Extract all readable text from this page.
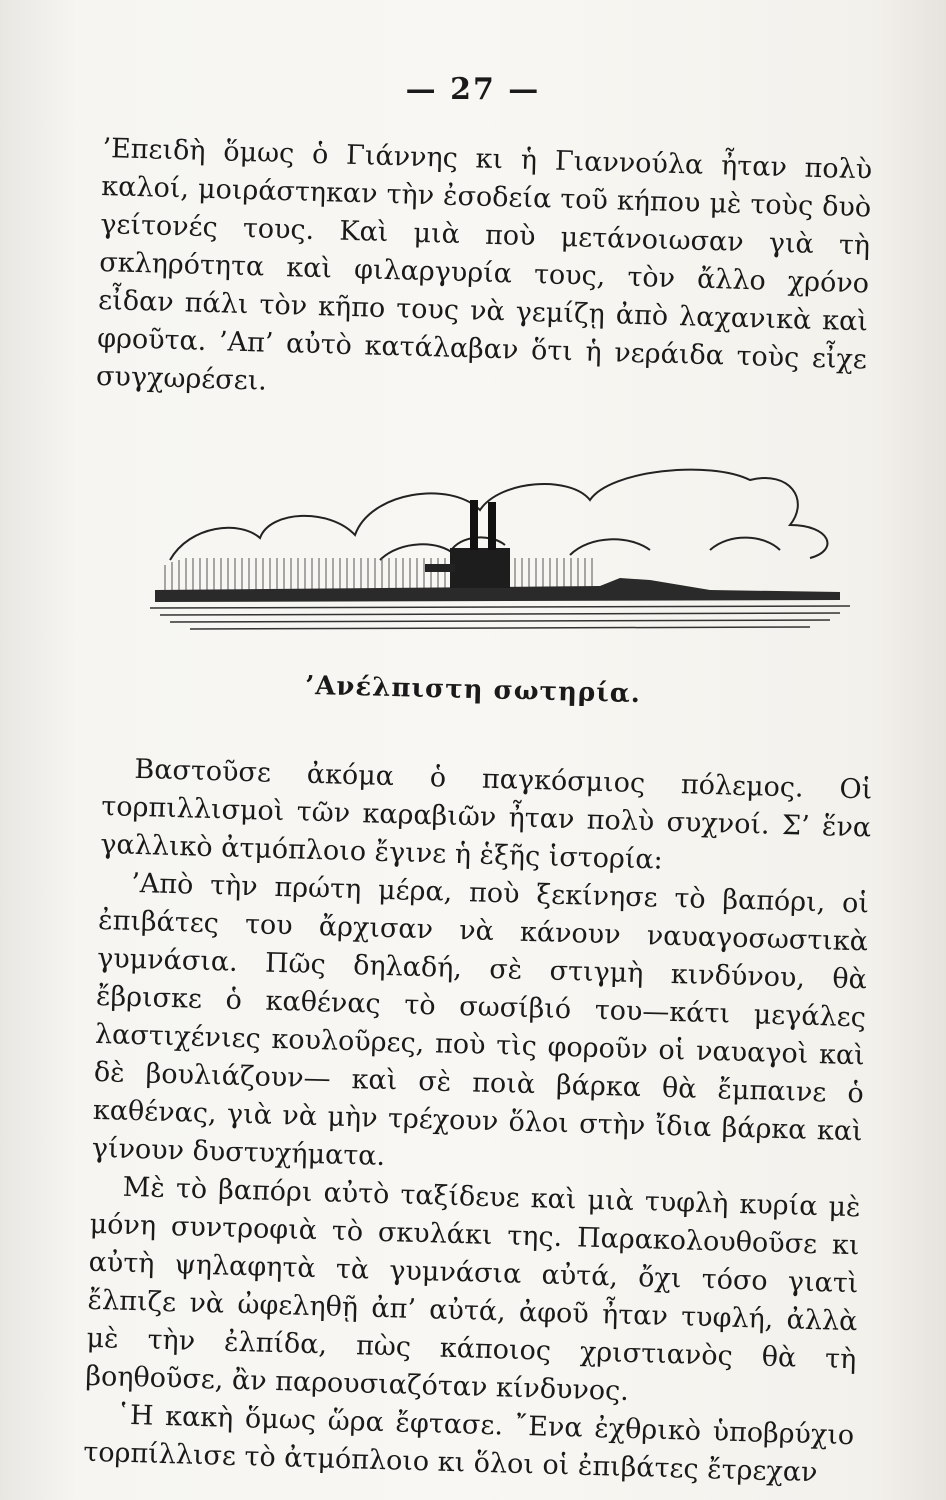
— 27 —

’Επειδὴ ὅμως ὁ Γιάννης κι ἡ Γιαννούλα ἦταν πολὺ καλοί, μοιράστηκαν τὴν ἐσοδεία τοῦ κήπου μὲ τοὺς δυὸ γείτονές τους. Καὶ μιὰ ποὺ μετάνοιωσαν γιὰ τὴ σκληρότητα καὶ φιλαργυρία τους, τὸν ἄλλο χρόνο εἶδαν πάλι τὸν κῆπο τους νὰ γεμίζῃ ἀπὸ λαχανικὰ καὶ φροῦτα. ’Απ’ αὐτὸ κατάλαβαν ὅτι ἡ νεράιδα τοὺς εἶχε συγχωρέσει.

’Ανέλπιστη σωτηρία.

Βαστοῦσε ἀκόμα ὁ παγκόσμιος πόλεμος. Οἱ τορπιλλισμοὶ τῶν καραβιῶν ἦταν πολὺ συχνοί. Σ’ ἕνα γαλλικὸ ἀτμόπλοιο ἔγινε ἡ ἑξῆς ἱστορία:

’Απὸ τὴν πρώτη μέρα, ποὺ ξεκίνησε τὸ βαπόρι, οἱ ἐπιβάτες του ἄρχισαν νὰ κάνουν ναυαγοσωστικὰ γυμνάσια. Πῶς δηλαδή, σὲ στιγμὴ κινδύνου, θὰ ἔβρισκε ὁ καθένας τὸ σωσίβιό του—κάτι μεγάλες λαστιχένιες κουλοῦρες, ποὺ τὶς φοροῦν οἱ ναυαγοὶ καὶ δὲ βουλιάζουν— καὶ σὲ ποιὰ βάρκα θὰ ἔμπαινε ὁ καθένας, γιὰ νὰ μὴν τρέχουν ὅλοι στὴν ἴδια βάρκα καὶ γίνουν δυστυχήματα.

Μὲ τὸ βαπόρι αὐτὸ ταξίδευε καὶ μιὰ τυφλὴ κυρία μὲ μόνη συντροφιὰ τὸ σκυλάκι της. Παρακολουθοῦσε κι αὐτὴ ψηλαφητὰ τὰ γυμνάσια αὐτά, ὄχι τόσο γιατὶ ἔλπιζε νὰ ὠφεληθῇ ἀπ’ αὐτά, ἀφοῦ ἦταν τυφλή, ἀλλὰ μὲ τὴν ἐλπίδα, πὼς κάποιος χριστιανὸς θὰ τὴ βοηθοῦσε, ἂν παρουσιαζόταν κίνδυνος.

῾Η κακὴ ὅμως ὥρα ἔφτασε. ῎Ενα ἐχθρικὸ ὑποβρύχιο τορπίλλισε τὸ ἀτμόπλοιο κι ὅλοι οἱ ἐπιβάτες ἔτρεχαν
